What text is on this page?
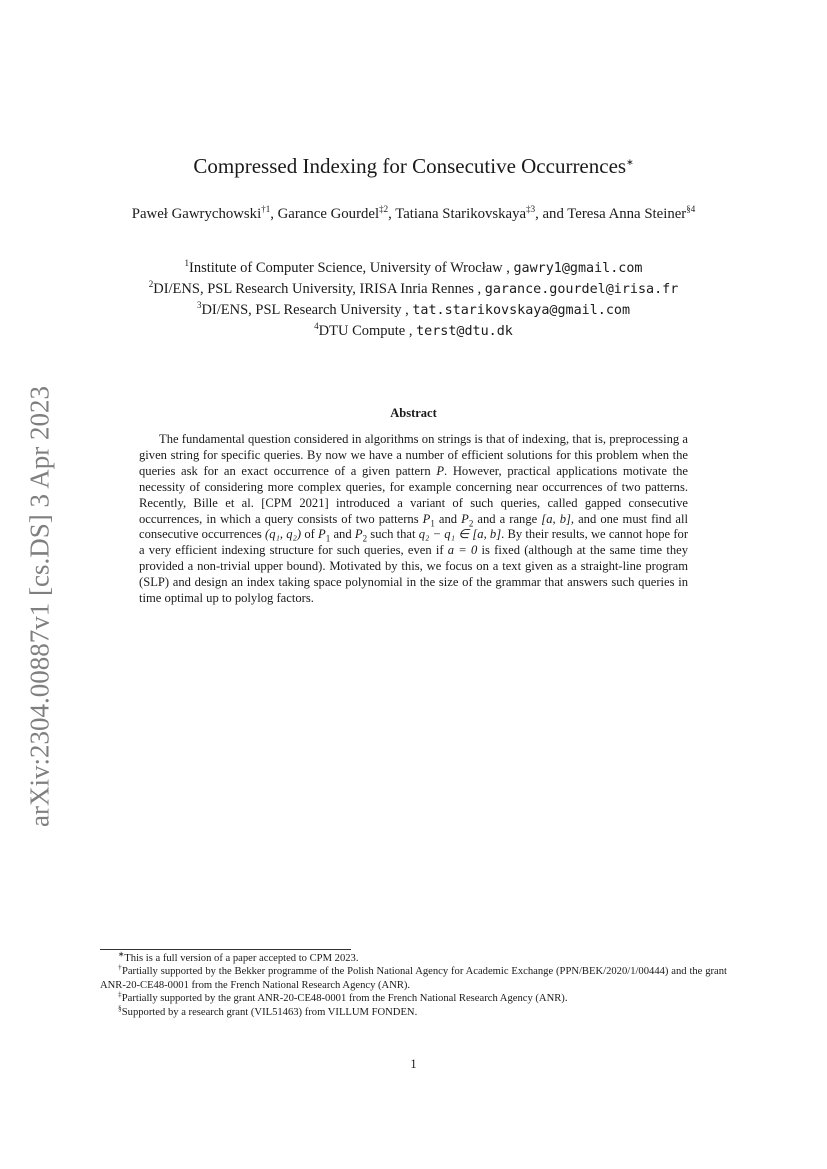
arXiv:2304.00887v1 [cs.DS] 3 Apr 2023
Compressed Indexing for Consecutive Occurrences∗
Paweł Gawrychowski$^{\dagger 1}$, Garance Gourdel$^{\ddagger 2}$, Tatiana Starikovskaya$^{\ddagger 3}$, and Teresa Anna Steiner$^{\S 4}$
$^1$Institute of Computer Science, University of Wrocław , gawry1@gmail.com
$^2$DI/ENS, PSL Research University, IRISA Inria Rennes , garance.gourdel@irisa.fr
$^3$DI/ENS, PSL Research University , tat.starikovskaya@gmail.com
$^4$DTU Compute , terst@dtu.dk
Abstract
The fundamental question considered in algorithms on strings is that of indexing, that is, preprocessing a given string for specific queries. By now we have a number of efficient solutions for this problem when the queries ask for an exact occurrence of a given pattern P. However, practical applications motivate the necessity of considering more complex queries, for example concerning near occurrences of two patterns. Recently, Bille et al. [CPM 2021] introduced a variant of such queries, called gapped consecutive occurrences, in which a query consists of two patterns $P_1$ and $P_2$ and a range [a, b], and one must find all consecutive occurrences (q₁, q₂) of $P_1$ and $P_2$ such that q₂ − q₁ ∈ [a, b]. By their results, we cannot hope for a very efficient indexing structure for such queries, even if a = 0 is fixed (although at the same time they provided a non-trivial upper bound). Motivated by this, we focus on a text given as a straight-line program (SLP) and design an index taking space polynomial in the size of the grammar that answers such queries in time optimal up to polylog factors.
∗This is a full version of a paper accepted to CPM 2023.
†Partially supported by the Bekker programme of the Polish National Agency for Academic Exchange (PPN/BEK/2020/1/00444) and the grant ANR-20-CE48-0001 from the French National Research Agency (ANR).
‡Partially supported by the grant ANR-20-CE48-0001 from the French National Research Agency (ANR).
§Supported by a research grant (VIL51463) from VILLUM FONDEN.
1
